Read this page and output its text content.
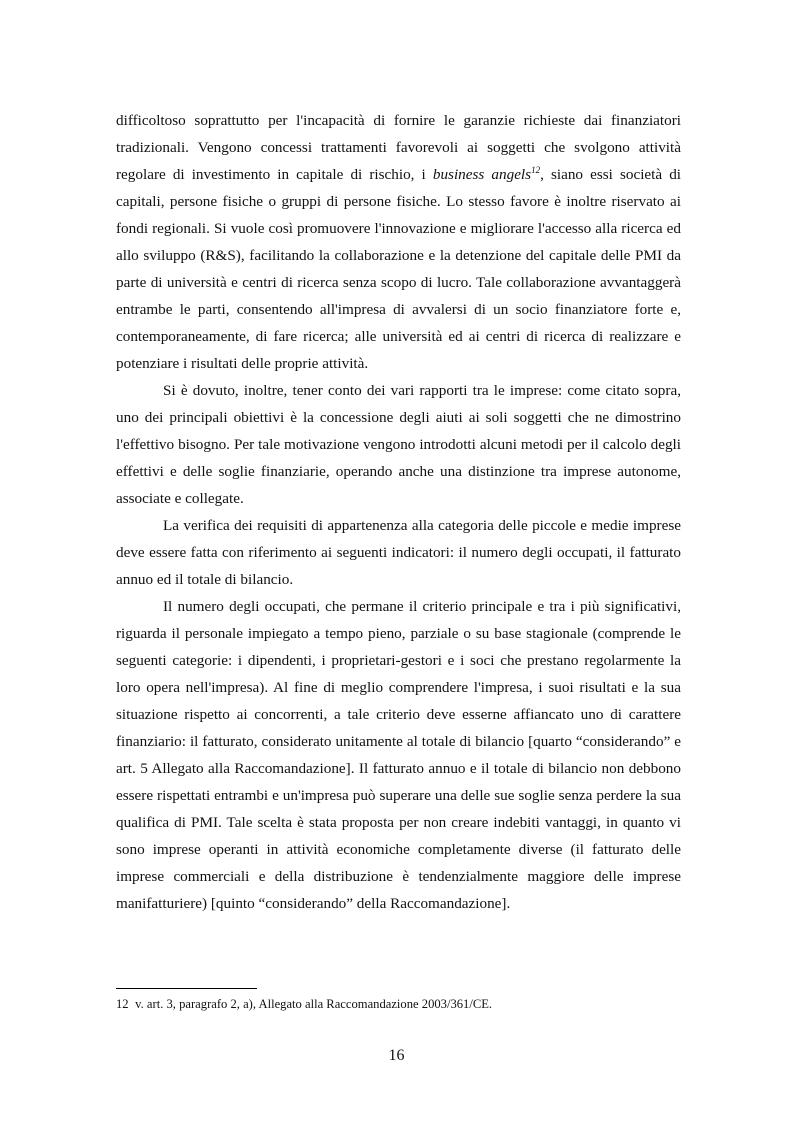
difficoltoso soprattutto per l'incapacità di fornire le garanzie richieste dai finanziatori tradizionali. Vengono concessi trattamenti favorevoli ai soggetti che svolgono attività regolare di investimento in capitale di rischio, i business angels$^{12}$, siano essi società di capitali, persone fisiche o gruppi di persone fisiche. Lo stesso favore è inoltre riservato ai fondi regionali. Si vuole così promuovere l'innovazione e migliorare l'accesso alla ricerca ed allo sviluppo (R&S), facilitando la collaborazione e la detenzione del capitale delle PMI da parte di università e centri di ricerca senza scopo di lucro. Tale collaborazione avvantaggerà entrambe le parti, consentendo all'impresa di avvalersi di un socio finanziatore forte e, contemporaneamente, di fare ricerca; alle università ed ai centri di ricerca di realizzare e potenziare i risultati delle proprie attività.

Si è dovuto, inoltre, tener conto dei vari rapporti tra le imprese: come citato sopra, uno dei principali obiettivi è la concessione degli aiuti ai soli soggetti che ne dimostrino l'effettivo bisogno. Per tale motivazione vengono introdotti alcuni metodi per il calcolo degli effettivi e delle soglie finanziarie, operando anche una distinzione tra imprese autonome, associate e collegate.

La verifica dei requisiti di appartenenza alla categoria delle piccole e medie imprese deve essere fatta con riferimento ai seguenti indicatori: il numero degli occupati, il fatturato annuo ed il totale di bilancio.

Il numero degli occupati, che permane il criterio principale e tra i più significativi, riguarda il personale impiegato a tempo pieno, parziale o su base stagionale (comprende le seguenti categorie: i dipendenti, i proprietari-gestori e i soci che prestano regolarmente la loro opera nell'impresa). Al fine di meglio comprendere l'impresa, i suoi risultati e la sua situazione rispetto ai concorrenti, a tale criterio deve esserne affiancato uno di carattere finanziario: il fatturato, considerato unitamente al totale di bilancio [quarto “considerando” e art. 5 Allegato alla Raccomandazione]. Il fatturato annuo e il totale di bilancio non debbono essere rispettati entrambi e un'impresa può superare una delle sue soglie senza perdere la sua qualifica di PMI. Tale scelta è stata proposta per non creare indebiti vantaggi, in quanto vi sono imprese operanti in attività economiche completamente diverse (il fatturato delle imprese commerciali e della distribuzione è tendenzialmente maggiore delle imprese manifatturiere) [quinto “considerando” della Raccomandazione].

12 v. art. 3, paragrafo 2, a), Allegato alla Raccomandazione 2003/361/CE.

16
